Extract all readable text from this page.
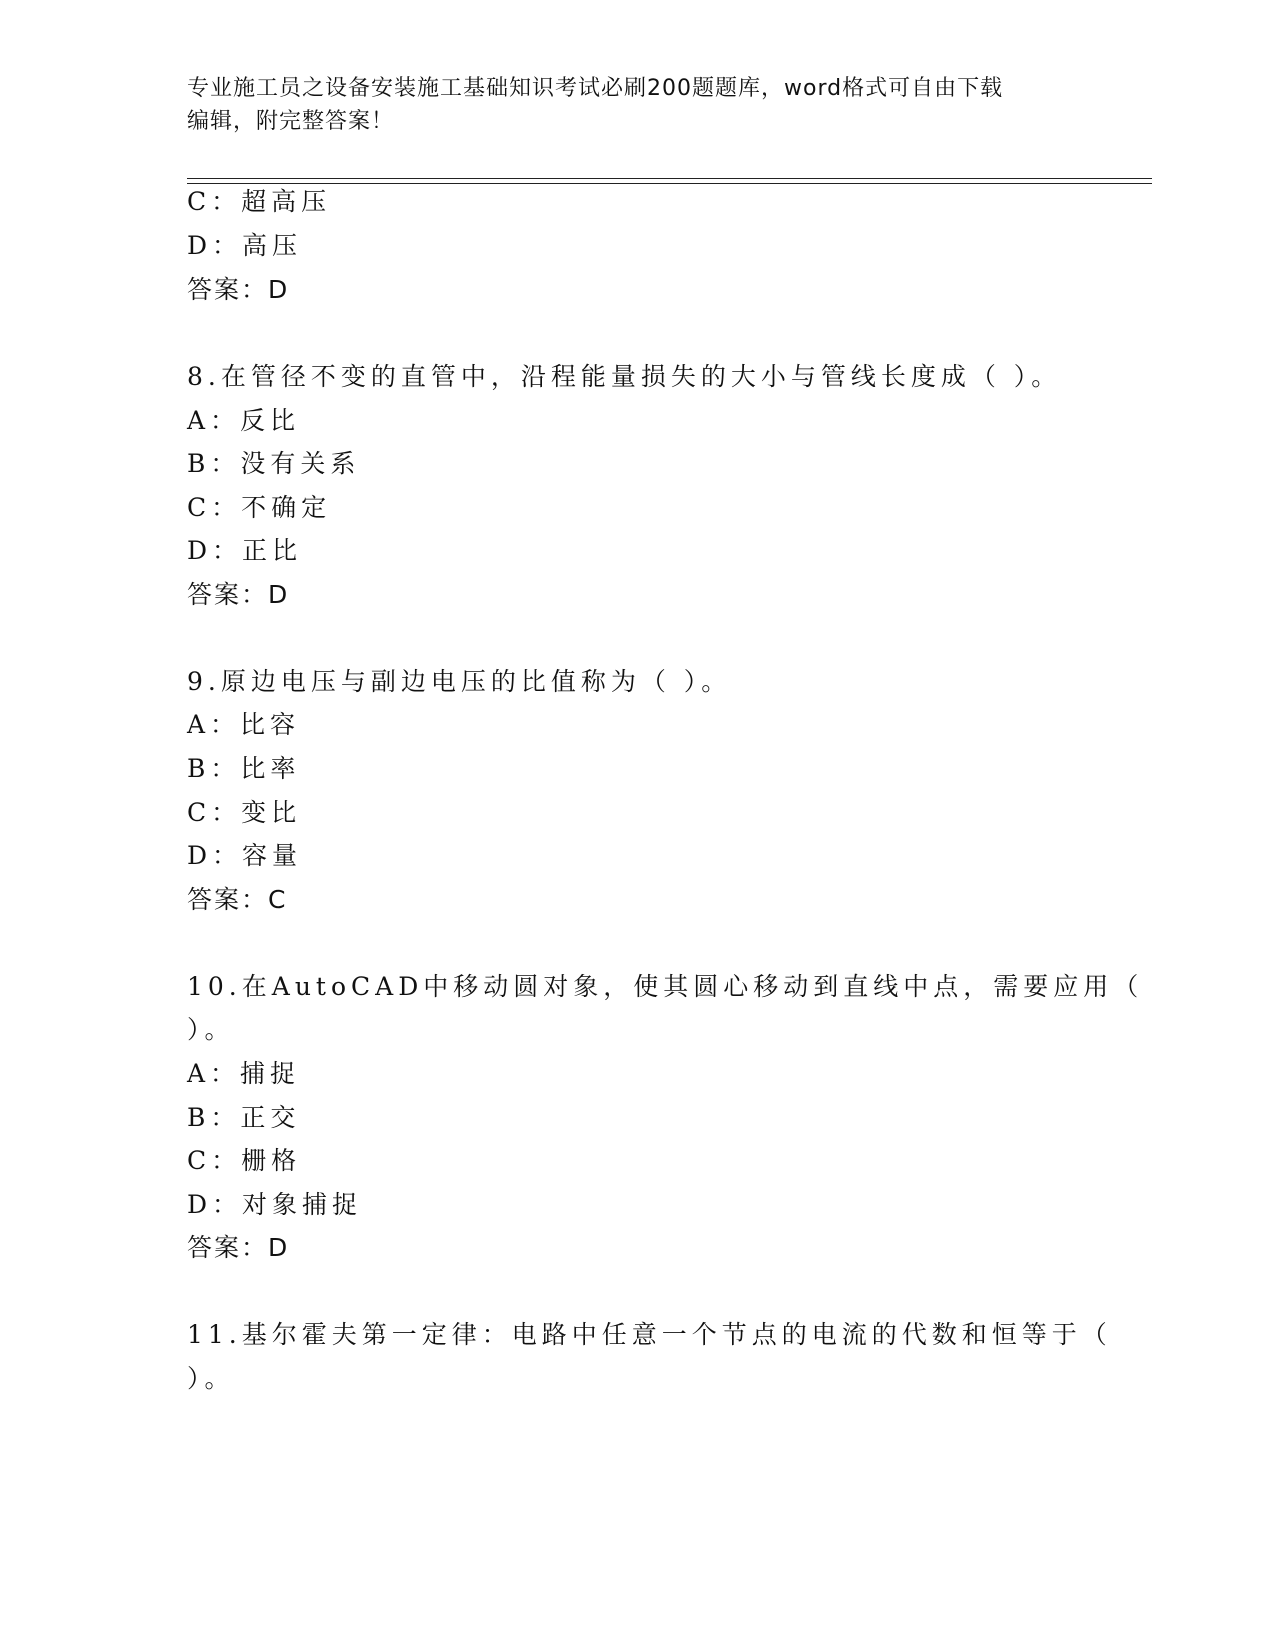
专业施工员之设备安装施工基础知识考试必刷200题题库，word格式可自由下载
编辑，附完整答案！
C：超高压
D：高压
答案：D
8.在管径不变的直管中，沿程能量损失的大小与管线长度成（ ）。
A：反比
B：没有关系
C：不确定
D：正比
答案：D
9.原边电压与副边电压的比值称为（ ）。
A：比容
B：比率
C：变比
D：容量
答案：C
10.在AutoCAD中移动圆对象，使其圆心移动到直线中点，需要应用（
）。
A：捕捉
B：正交
C：栅格
D：对象捕捉
答案：D
11.基尔霍夫第一定律：电路中任意一个节点的电流的代数和恒等于（
）。
